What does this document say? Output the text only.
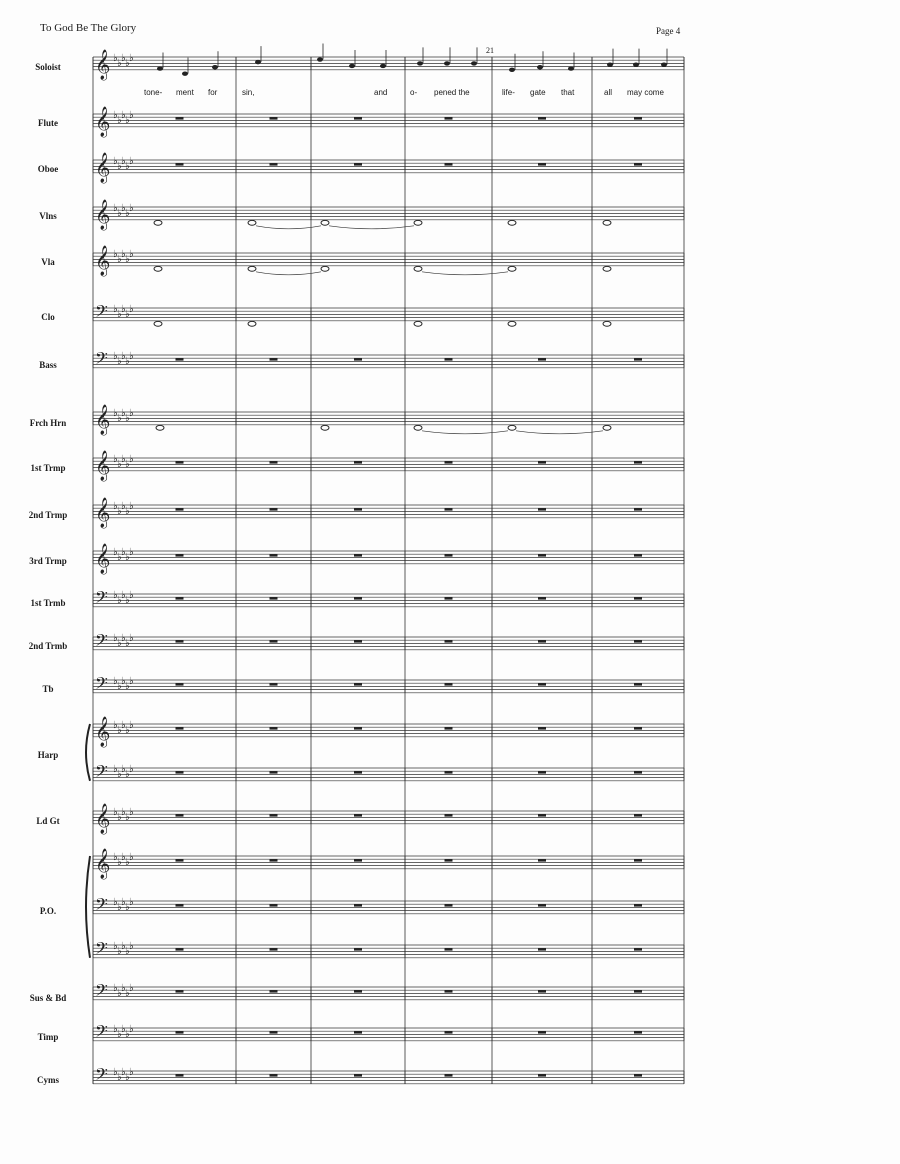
To God Be The Glory	Page 4
21
Soloist
Flute
Oboe
Vlns
Vla
Clo
Bass
Frch Hrn
1st Trmp
2nd Trmp
3rd Trmp
1st Trmb
2nd Trmb
Tb
Harp
Ld Gt
P.O.
Sus & Bd
Timp
Cyms
tone- ment for	sin,	and	o- pened the	life- gate that	all may come
𝄞 ♭ ♭ ♭ ♭ ♭
𝄞 ♭ ♭ ♭ ♭ ♭
𝄞 ♭ ♭ ♭ ♭ ♭
𝄞 ♭ ♭ ♭ ♭ ♭
𝄞 ♭ ♭ ♭ ♭ ♭
𝄢 ♭ ♭ ♭ ♭ ♭
𝄢 ♭ ♭ ♭ ♭ ♭
𝄞 ♭ ♭ ♭ ♭ ♭
𝄞 ♭ ♭ ♭ ♭ ♭
𝄞 ♭ ♭ ♭ ♭ ♭
𝄞 ♭ ♭ ♭ ♭ ♭
𝄢 ♭ ♭ ♭ ♭ ♭
𝄢 ♭ ♭ ♭ ♭ ♭
𝄢 ♭ ♭ ♭ ♭ ♭
𝄞 ♭ ♭ ♭ ♭ ♭
𝄢 ♭ ♭ ♭ ♭ ♭
𝄞 ♭ ♭ ♭ ♭ ♭
𝄞 ♭ ♭ ♭ ♭ ♭
𝄢 ♭ ♭ ♭ ♭ ♭
𝄢 ♭ ♭ ♭ ♭ ♭
𝄢 ♭ ♭ ♭ ♭ ♭
𝄢 ♭ ♭ ♭ ♭ ♭
𝄢 ♭ ♭ ♭ ♭ ♭
